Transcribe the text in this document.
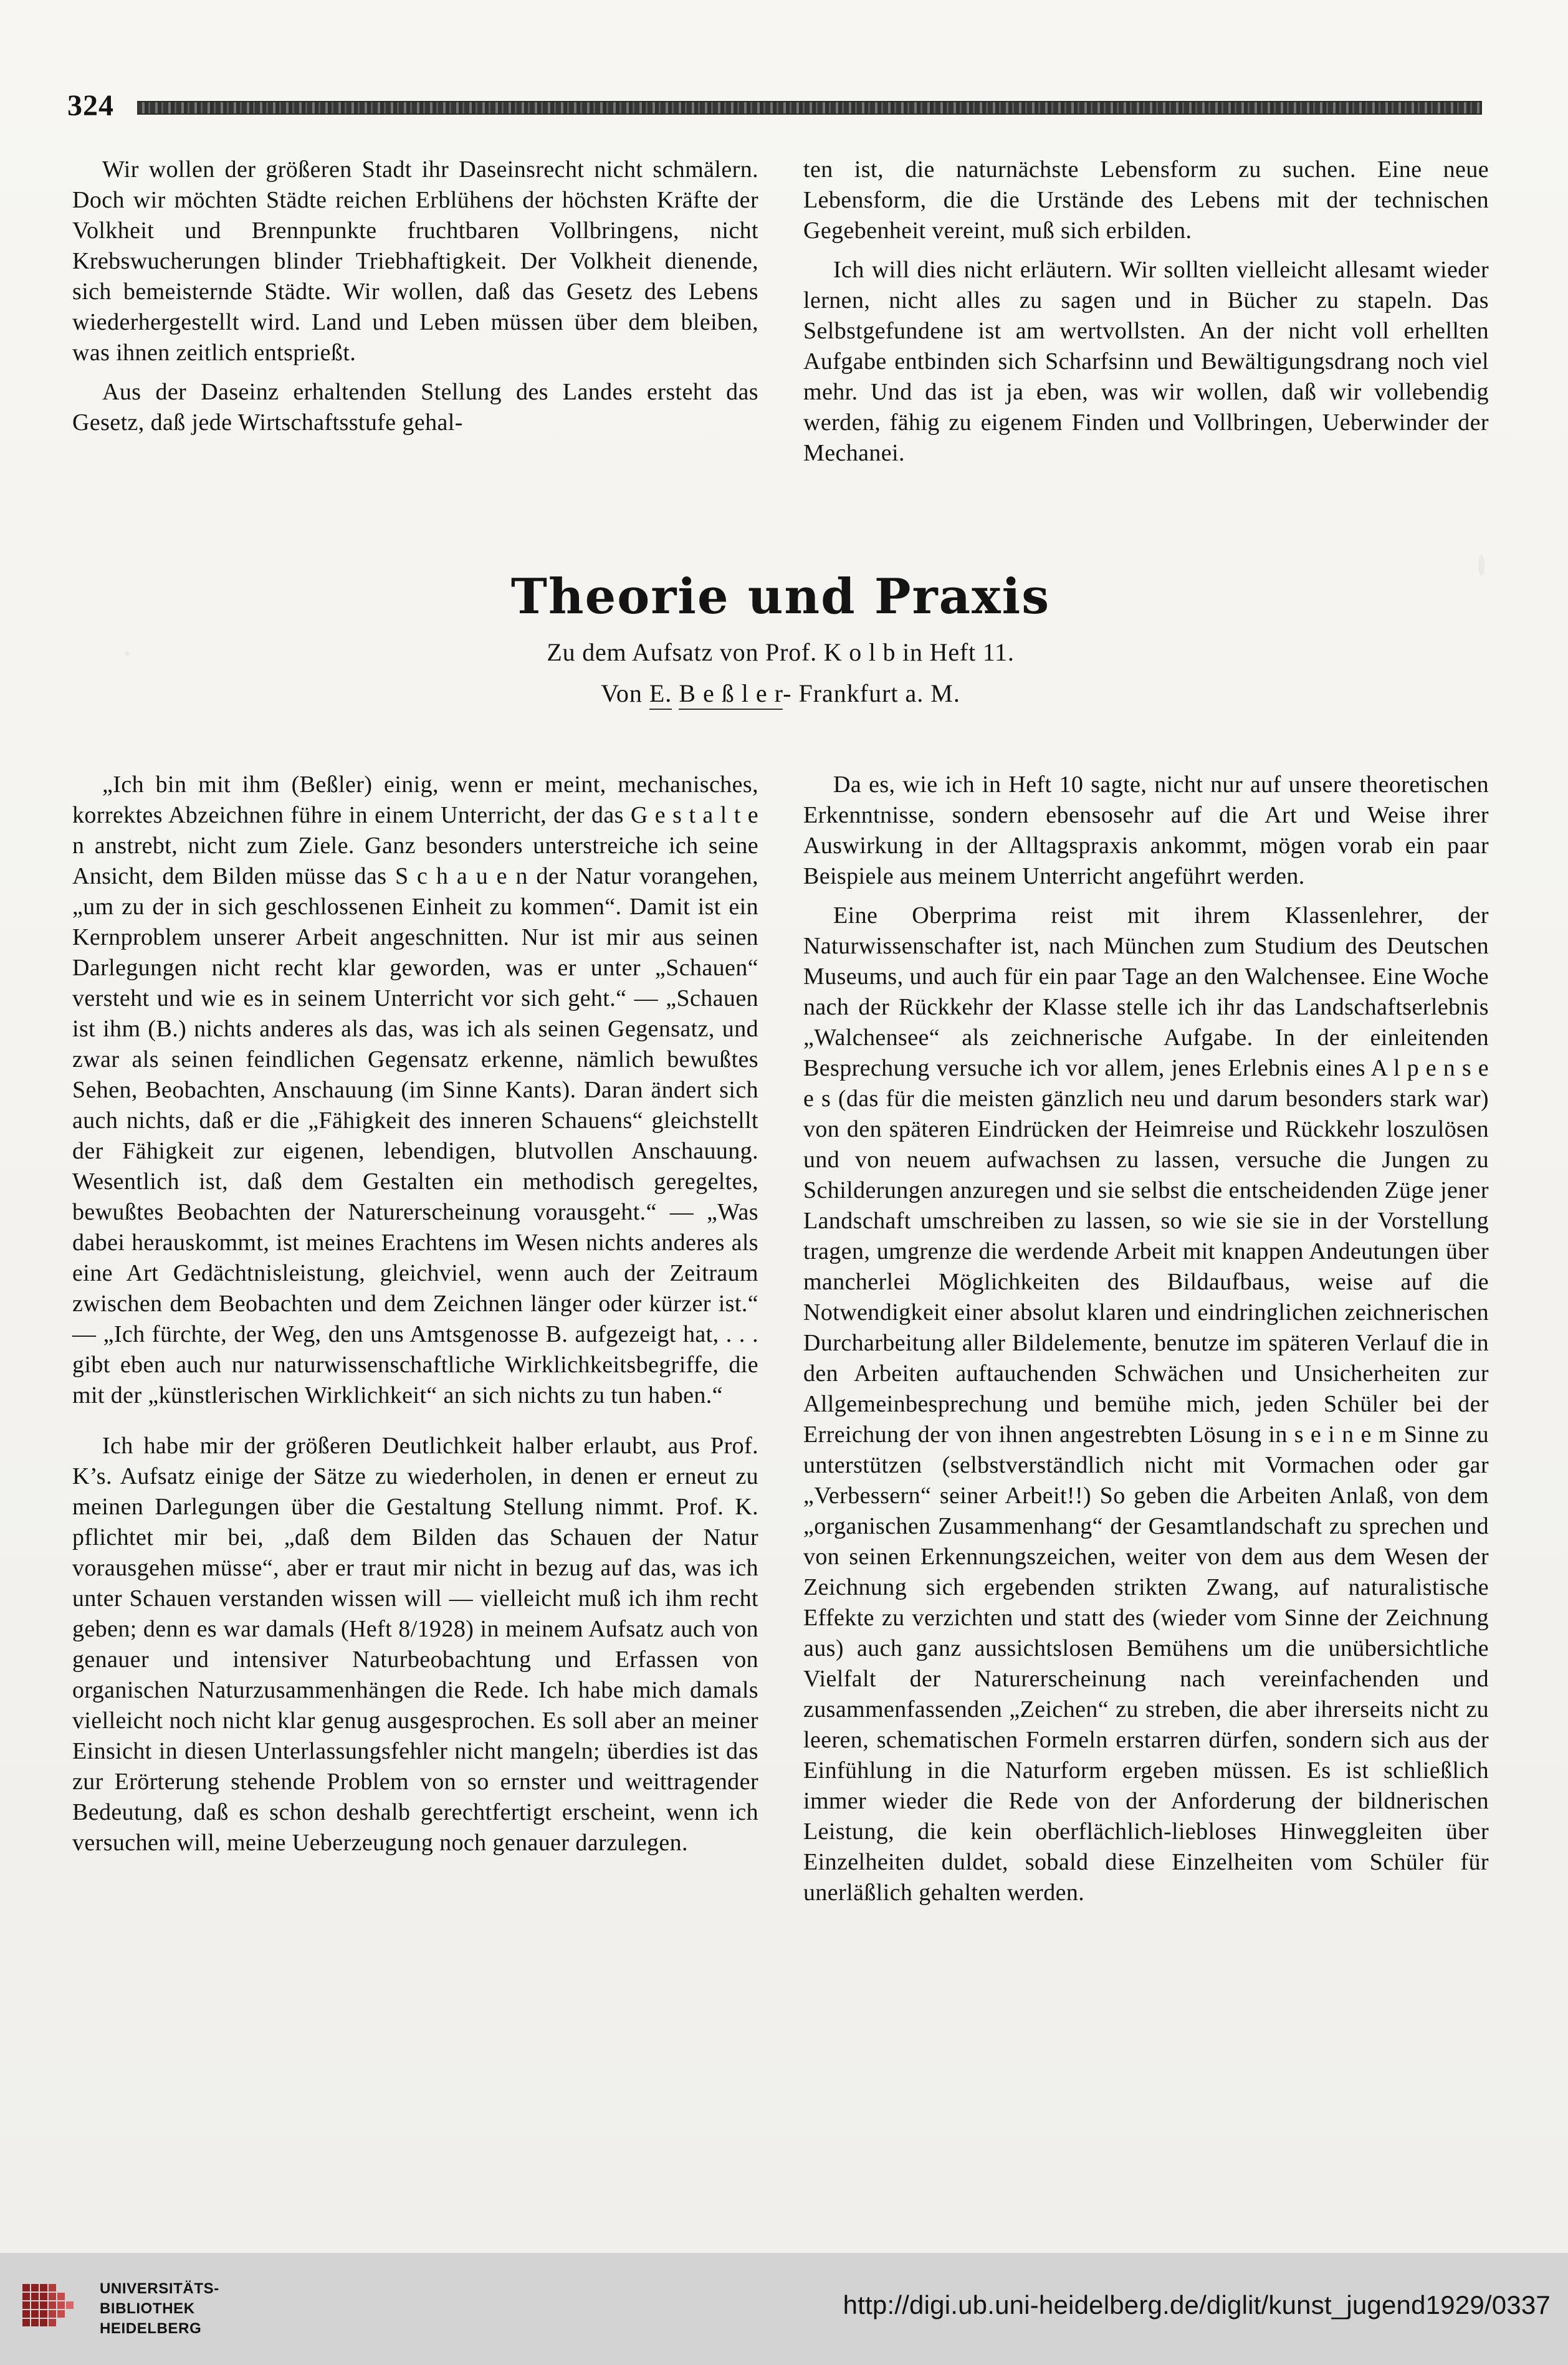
324

Wir wollen der größeren Stadt ihr Daseinsrecht nicht schmälern. Doch wir möchten Städte reichen Erblühens der höchsten Kräfte der Volkheit und Brennpunkte fruchtbaren Vollbringens, nicht Krebswucherungen blinder Triebhaftigkeit. Der Volkheit dienende, sich bemeisternde Städte. Wir wollen, daß das Gesetz des Lebens wiederhergestellt wird. Land und Leben müssen über dem bleiben, was ihnen zeitlich entsprießt.

Aus der Daseinz erhaltenden Stellung des Landes ersteht das Gesetz, daß jede Wirtschaftsstufe gehal-

ten ist, die naturnächste Lebensform zu suchen. Eine neue Lebensform, die die Urstände des Lebens mit der technischen Gegebenheit vereint, muß sich erbilden.

Ich will dies nicht erläutern. Wir sollten vielleicht allesamt wieder lernen, nicht alles zu sagen und in Bücher zu stapeln. Das Selbstgefundene ist am wertvollsten. An der nicht voll erhellten Aufgabe entbinden sich Scharfsinn und Bewältigungsdrang noch viel mehr. Und das ist ja eben, was wir wollen, daß wir vollebendig werden, fähig zu eigenem Finden und Vollbringen, Ueberwinder der Mechanei.

Theorie und Praxis

Zu dem Aufsatz von Prof. K o l b in Heft 11.

Von E. B e ß l e r- Frankfurt a. M.

„Ich bin mit ihm (Beßler) einig, wenn er meint, mechanisches, korrektes Abzeichnen führe in einem Unterricht, der das G e s t a l t e n anstrebt, nicht zum Ziele. Ganz besonders unterstreiche ich seine Ansicht, dem Bilden müsse das S c h a u e n der Natur vorangehen, „um zu der in sich geschlossenen Einheit zu kommen“. Damit ist ein Kernproblem unserer Arbeit angeschnitten. Nur ist mir aus seinen Darlegungen nicht recht klar geworden, was er unter „Schauen“ versteht und wie es in seinem Unterricht vor sich geht.“ — „Schauen ist ihm (B.) nichts anderes als das, was ich als seinen Gegensatz, und zwar als seinen feindlichen Gegensatz erkenne, nämlich bewußtes Sehen, Beobachten, Anschauung (im Sinne Kants). Daran ändert sich auch nichts, daß er die „Fähigkeit des inneren Schauens“ gleichstellt der Fähigkeit zur eigenen, lebendigen, blutvollen Anschauung. Wesentlich ist, daß dem Gestalten ein methodisch geregeltes, bewußtes Beobachten der Naturerscheinung vorausgeht.“ — „Was dabei herauskommt, ist meines Erachtens im Wesen nichts anderes als eine Art Gedächtnisleistung, gleichviel, wenn auch der Zeitraum zwischen dem Beobachten und dem Zeichnen länger oder kürzer ist.“ — „Ich fürchte, der Weg, den uns Amtsgenosse B. aufgezeigt hat, . . . gibt eben auch nur naturwissenschaftliche Wirklichkeitsbegriffe, die mit der „künstlerischen Wirklichkeit“ an sich nichts zu tun haben.“

Ich habe mir der größeren Deutlichkeit halber erlaubt, aus Prof. K’s. Aufsatz einige der Sätze zu wiederholen, in denen er erneut zu meinen Darlegungen über die Gestaltung Stellung nimmt. Prof. K. pflichtet mir bei, „daß dem Bilden das Schauen der Natur vorausgehen müsse“, aber er traut mir nicht in bezug auf das, was ich unter Schauen verstanden wissen will — vielleicht muß ich ihm recht geben; denn es war damals (Heft 8/1928) in meinem Aufsatz auch von genauer und intensiver Naturbeobachtung und Erfassen von organischen Naturzusammenhängen die Rede. Ich habe mich damals vielleicht noch nicht klar genug ausgesprochen. Es soll aber an meiner Einsicht in diesen Unterlassungsfehler nicht mangeln; überdies ist das zur Erörterung stehende Problem von so ernster und weittragender Bedeutung, daß es schon deshalb gerechtfertigt erscheint, wenn ich versuchen will, meine Ueberzeugung noch genauer darzulegen.

Da es, wie ich in Heft 10 sagte, nicht nur auf unsere theoretischen Erkenntnisse, sondern ebensosehr auf die Art und Weise ihrer Auswirkung in der Alltagspraxis ankommt, mögen vorab ein paar Beispiele aus meinem Unterricht angeführt werden.

Eine Oberprima reist mit ihrem Klassenlehrer, der Naturwissenschafter ist, nach München zum Studium des Deutschen Museums, und auch für ein paar Tage an den Walchensee. Eine Woche nach der Rückkehr der Klasse stelle ich ihr das Landschaftserlebnis „Walchensee“ als zeichnerische Aufgabe. In der einleitenden Besprechung versuche ich vor allem, jenes Erlebnis eines A l p e n s e e s (das für die meisten gänzlich neu und darum besonders stark war) von den späteren Eindrücken der Heimreise und Rückkehr loszulösen und von neuem aufwachsen zu lassen, versuche die Jungen zu Schilderungen anzuregen und sie selbst die entscheidenden Züge jener Landschaft umschreiben zu lassen, so wie sie sie in der Vorstellung tragen, umgrenze die werdende Arbeit mit knappen Andeutungen über mancherlei Möglichkeiten des Bildaufbaus, weise auf die Notwendigkeit einer absolut klaren und eindringlichen zeichnerischen Durcharbeitung aller Bildelemente, benutze im späteren Verlauf die in den Arbeiten auftauchenden Schwächen und Unsicherheiten zur Allgemeinbesprechung und bemühe mich, jeden Schüler bei der Erreichung der von ihnen angestrebten Lösung in s e i n e m Sinne zu unterstützen (selbstverständlich nicht mit Vormachen oder gar „Verbessern“ seiner Arbeit!!) So geben die Arbeiten Anlaß, von dem „organischen Zusammenhang“ der Gesamtlandschaft zu sprechen und von seinen Erkennungszeichen, weiter von dem aus dem Wesen der Zeichnung sich ergebenden strikten Zwang, auf naturalistische Effekte zu verzichten und statt des (wieder vom Sinne der Zeichnung aus) auch ganz aussichtslosen Bemühens um die unübersichtliche Vielfalt der Naturerscheinung nach vereinfachenden und zusammenfassenden „Zeichen“ zu streben, die aber ihrerseits nicht zu leeren, schematischen Formeln erstarren dürfen, sondern sich aus der Einfühlung in die Naturform ergeben müssen. Es ist schließlich immer wieder die Rede von der Anforderung der bildnerischen Leistung, die kein oberflächlich-liebloses Hinweggleiten über Einzelheiten duldet, sobald diese Einzelheiten vom Schüler für unerläßlich gehalten werden.

UNIVERSITÄTS-
BIBLIOTHEK
HEIDELBERG
http://digi.ub.uni-heidelberg.de/diglit/kunst_jugend1929/0337
